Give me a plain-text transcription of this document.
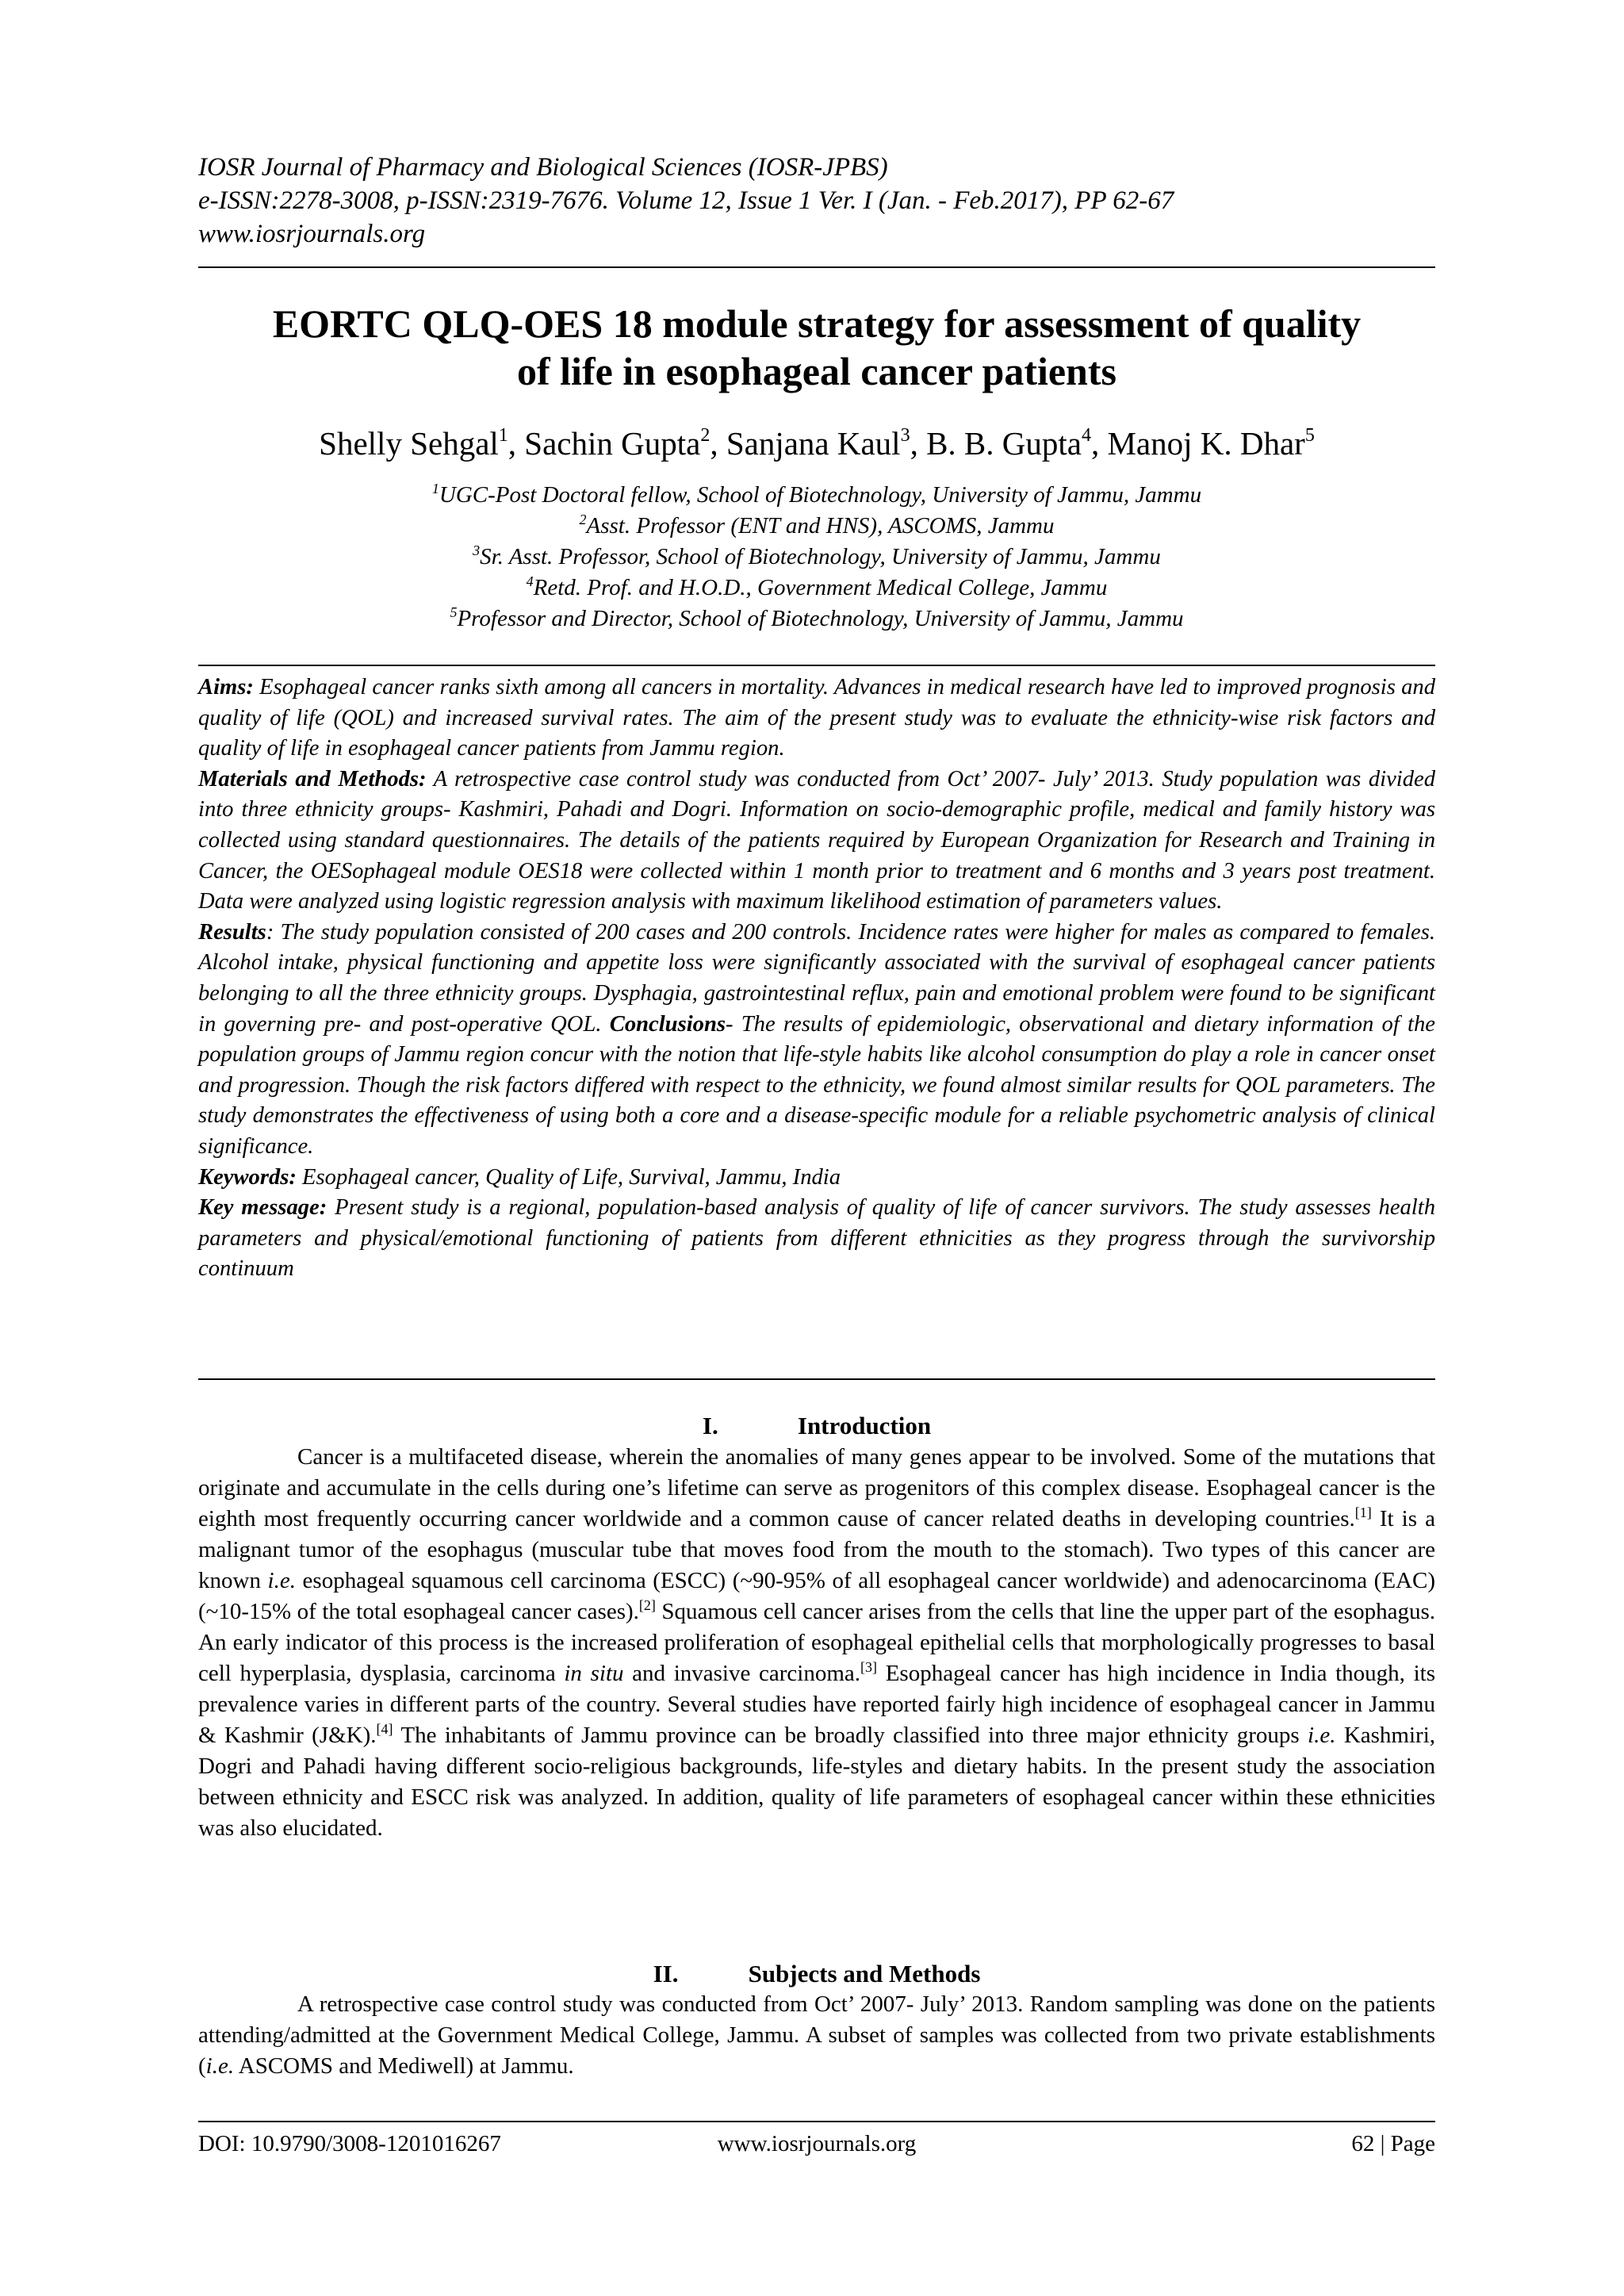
IOSR Journal of Pharmacy and Biological Sciences (IOSR-JPBS)
e-ISSN:2278-3008, p-ISSN:2319-7676. Volume 12, Issue 1 Ver. I (Jan. - Feb.2017), PP 62-67
www.iosrjournals.org
EORTC QLQ-OES 18 module strategy for assessment of quality
of life in esophageal cancer patients
Shelly Sehgal$^1$, Sachin Gupta$^2$, Sanjana Kaul$^3$, B. B. Gupta$^4$, Manoj K. Dhar$^5$
$^1$UGC-Post Doctoral fellow, School of Biotechnology, University of Jammu, Jammu
$^2$Asst. Professor (ENT and HNS), ASCOMS, Jammu
$^3$Sr. Asst. Professor, School of Biotechnology, University of Jammu, Jammu
$^4$Retd. Prof. and H.O.D., Government Medical College, Jammu
$^5$Professor and Director, School of Biotechnology, University of Jammu, Jammu

Aims: Esophageal cancer ranks sixth among all cancers in mortality. Advances in medical research have led to improved prognosis and quality of life (QOL) and increased survival rates. The aim of the present study was to evaluate the ethnicity-wise risk factors and quality of life in esophageal cancer patients from Jammu region.

Materials and Methods: A retrospective case control study was conducted from Oct’ 2007- July’ 2013. Study population was divided into three ethnicity groups- Kashmiri, Pahadi and Dogri. Information on socio-demographic profile, medical and family history was collected using standard questionnaires. The details of the patients required by European Organization for Research and Training in Cancer, the OESophageal module OES18 were collected within 1 month prior to treatment and 6 months and 3 years post treatment. Data were analyzed using logistic regression analysis with maximum likelihood estimation of parameters values.

Results: The study population consisted of 200 cases and 200 controls. Incidence rates were higher for males as compared to females. Alcohol intake, physical functioning and appetite loss were significantly associated with the survival of esophageal cancer patients belonging to all the three ethnicity groups. Dysphagia, gastrointestinal reflux, pain and emotional problem were found to be significant in governing pre- and post-operative QOL. Conclusions- The results of epidemiologic, observational and dietary information of the population groups of Jammu region concur with the notion that life-style habits like alcohol consumption do play a role in cancer onset and progression. Though the risk factors differed with respect to the ethnicity, we found almost similar results for QOL parameters. The study demonstrates the effectiveness of using both a core and a disease-specific module for a reliable psychometric analysis of clinical significance.

Keywords: Esophageal cancer, Quality of Life, Survival, Jammu, India

Key message: Present study is a regional, population-based analysis of quality of life of cancer survivors. The study assesses health parameters and physical/emotional functioning of patients from different ethnicities as they progress through the survivorship continuum

I.	Introduction

Cancer is a multifaceted disease, wherein the anomalies of many genes appear to be involved. Some of the mutations that originate and accumulate in the cells during one’s lifetime can serve as progenitors of this complex disease. Esophageal cancer is the eighth most frequently occurring cancer worldwide and a common cause of cancer related deaths in developing countries.[1] It is a malignant tumor of the esophagus (muscular tube that moves food from the mouth to the stomach). Two types of this cancer are known i.e. esophageal squamous cell carcinoma (ESCC) (~90-95% of all esophageal cancer worldwide) and adenocarcinoma (EAC) (~10-15% of the total esophageal cancer cases).[2] Squamous cell cancer arises from the cells that line the upper part of the esophagus. An early indicator of this process is the increased proliferation of esophageal epithelial cells that morphologically progresses to basal cell hyperplasia, dysplasia, carcinoma in situ and invasive carcinoma.[3] Esophageal cancer has high incidence in India though, its prevalence varies in different parts of the country. Several studies have reported fairly high incidence of esophageal cancer in Jammu & Kashmir (J&K).[4] The inhabitants of Jammu province can be broadly classified into three major ethnicity groups i.e. Kashmiri, Dogri and Pahadi having different socio-religious backgrounds, life-styles and dietary habits. In the present study the association between ethnicity and ESCC risk was analyzed. In addition, quality of life parameters of esophageal cancer within these ethnicities was also elucidated.

II.	Subjects and Methods

A retrospective case control study was conducted from Oct’ 2007- July’ 2013. Random sampling was done on the patients attending/admitted at the Government Medical College, Jammu. A subset of samples was collected from two private establishments (i.e. ASCOMS and Mediwell) at Jammu.

DOI: 10.9790/3008-1201016267	www.iosrjournals.org	62 | Page
